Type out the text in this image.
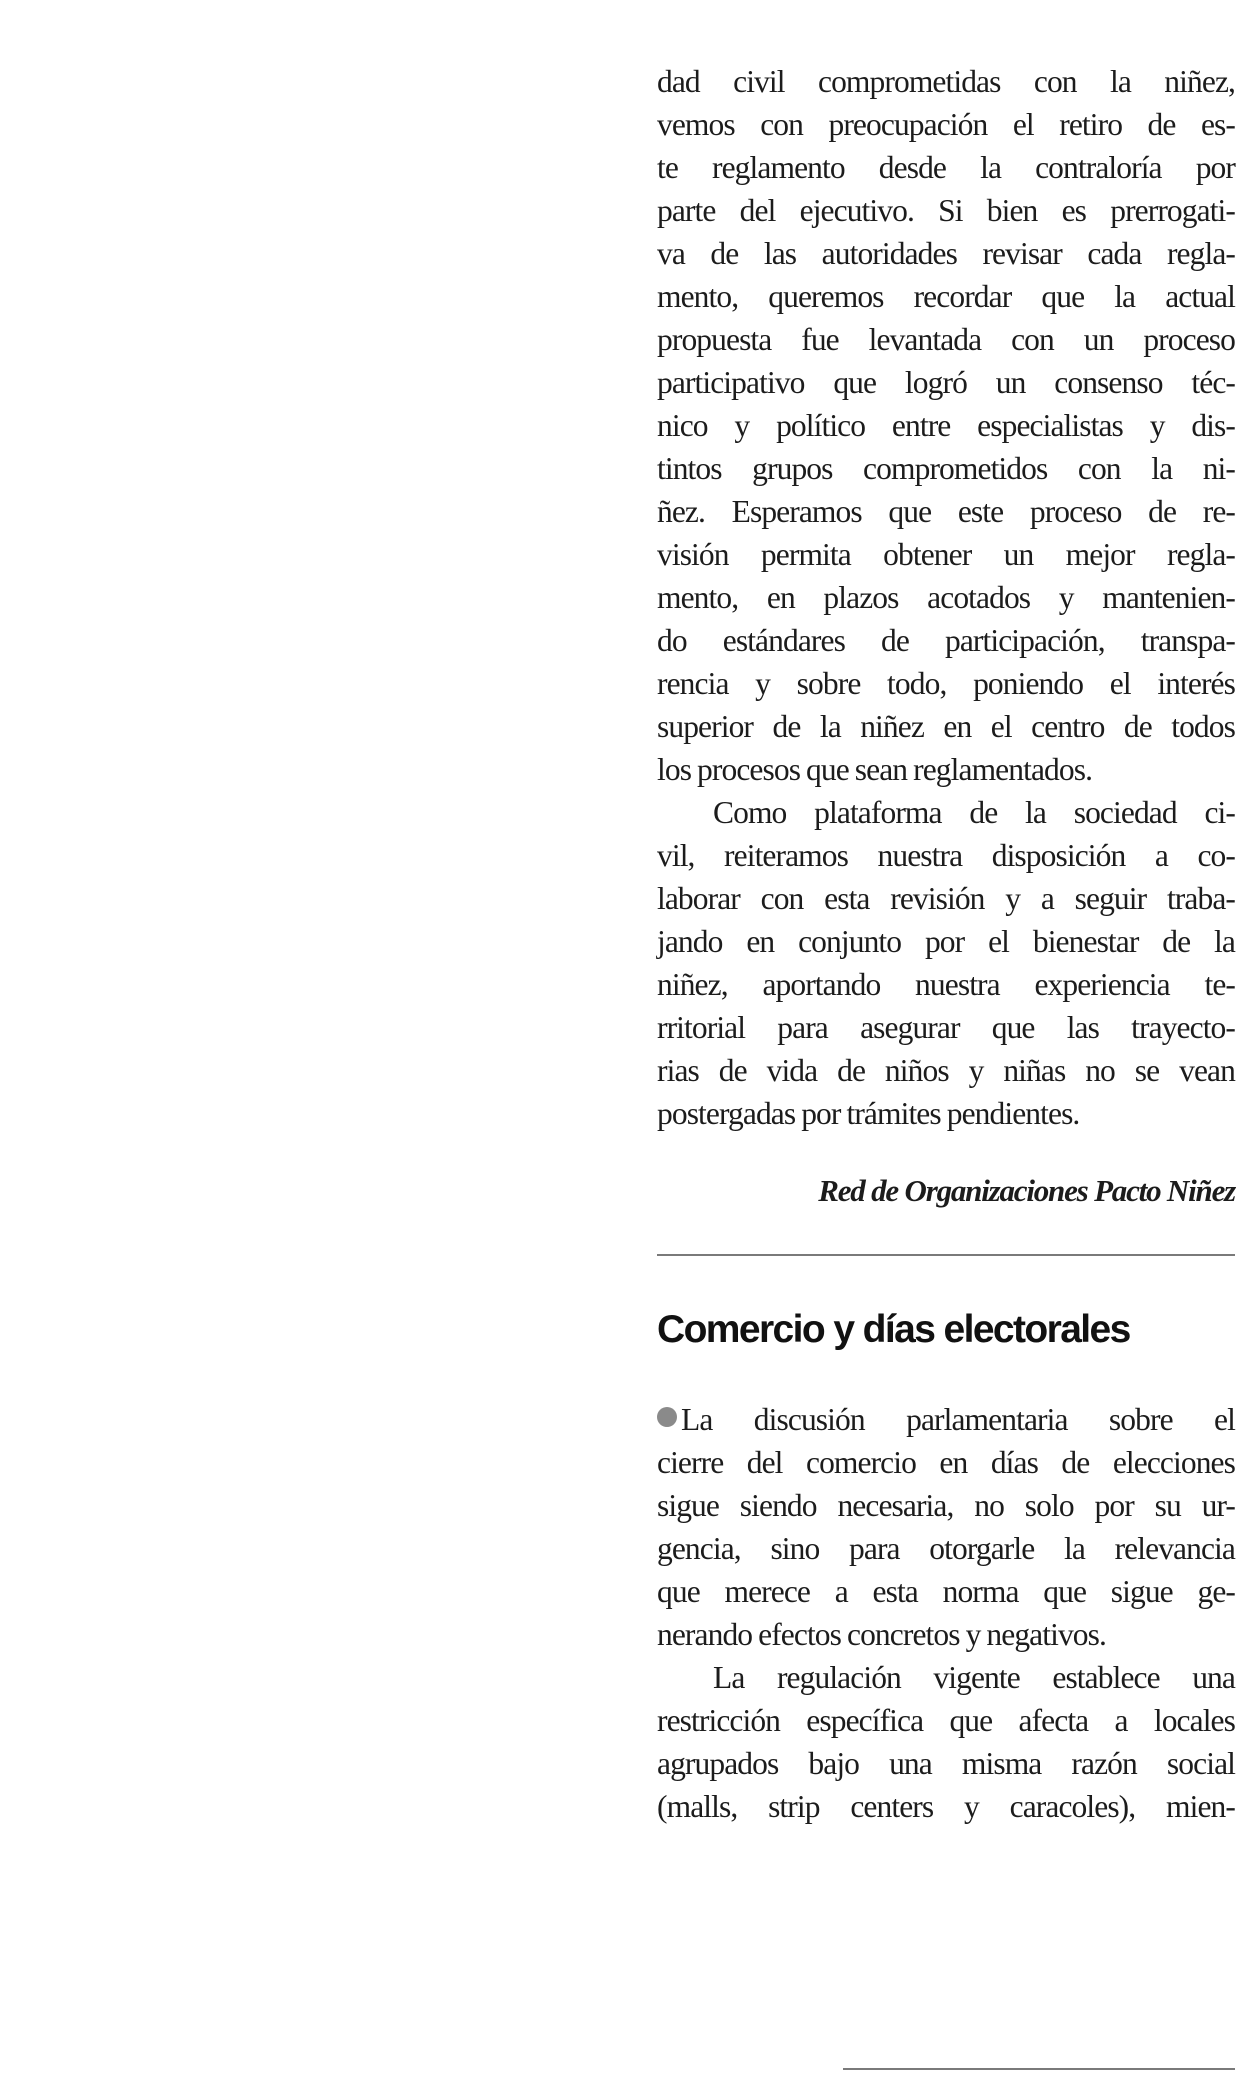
dad civil comprometidas con la niñez,
vemos con preocupación el retiro de es-
te reglamento desde la contraloría por
parte del ejecutivo. Si bien es prerrogati-
va de las autoridades revisar cada regla-
mento, queremos recordar que la actual
propuesta fue levantada con un proceso
participativo que logró un consenso téc-
nico y político entre especialistas y dis-
tintos grupos comprometidos con la ni-
ñez. Esperamos que este proceso de re-
visión permita obtener un mejor regla-
mento, en plazos acotados y mantenien-
do estándares de participación, transpa-
rencia y sobre todo, poniendo el interés
superior de la niñez en el centro de todos
los procesos que sean reglamentados.
Como plataforma de la sociedad ci-
vil, reiteramos nuestra disposición a co-
laborar con esta revisión y a seguir traba-
jando en conjunto por el bienestar de la
niñez, aportando nuestra experiencia te-
rritorial para asegurar que las trayecto-
rias de vida de niños y niñas no se vean
postergadas por trámites pendientes.

Red de Organizaciones Pacto Niñez

Comercio y días electorales
La discusión parlamentaria sobre el
cierre del comercio en días de elecciones
sigue siendo necesaria, no solo por su ur-
gencia, sino para otorgarle la relevancia
que merece a esta norma que sigue ge-
nerando efectos concretos y negativos.
La regulación vigente establece una
restricción específica que afecta a locales
agrupados bajo una misma razón social
(malls, strip centers y caracoles), mien-
